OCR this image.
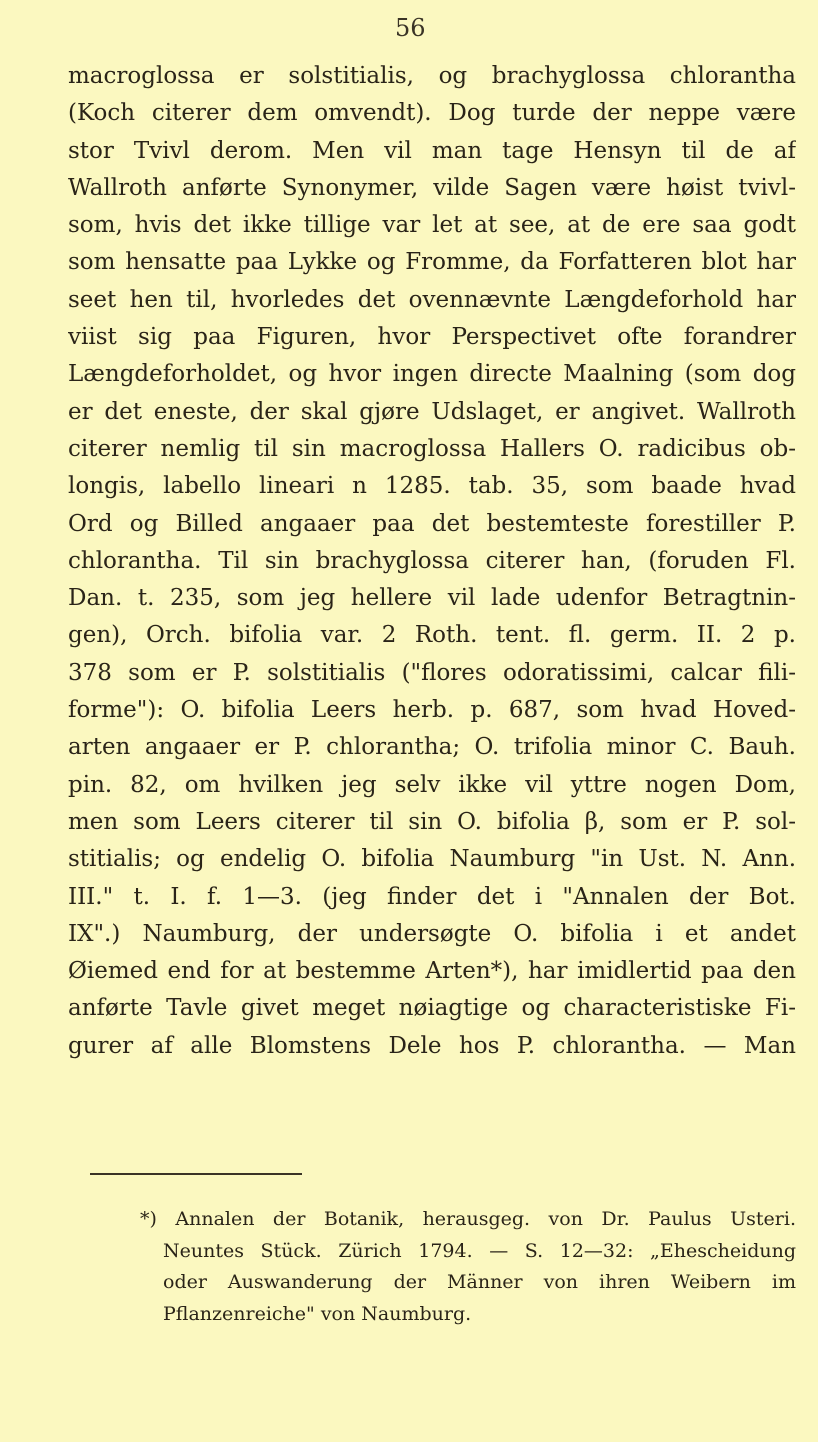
56
macroglossa er solstitialis, og brachyglossa chlorantha
(Koch citerer dem omvendt). Dog turde der neppe være
stor Tvivl derom. Men vil man tage Hensyn til de af
Wallroth anførte Synonymer, vilde Sagen være høist tvivl-
som, hvis det ikke tillige var let at see, at de ere saa godt
som hensatte paa Lykke og Fromme, da Forfatteren blot har
seet hen til, hvorledes det ovennævnte Længdeforhold har
viist sig paa Figuren, hvor Perspectivet ofte forandrer
Længdeforholdet, og hvor ingen directe Maalning (som dog
er det eneste, der skal gjøre Udslaget, er angivet. Wallroth
citerer nemlig til sin macroglossa Hallers O. radicibus ob-
longis, labello lineari n 1285. tab. 35, som baade hvad
Ord og Billed angaaer paa det bestemteste forestiller P.
chlorantha. Til sin brachyglossa citerer han, (foruden Fl.
Dan. t. 235, som jeg hellere vil lade udenfor Betragtnin-
gen), Orch. bifolia var. 2 Roth. tent. fl. germ. II. 2 p.
378 som er P. solstitialis ("flores odoratissimi, calcar fili-
forme"): O. bifolia Leers herb. p. 687, som hvad Hoved-
arten angaaer er P. chlorantha; O. trifolia minor C. Bauh.
pin. 82, om hvilken jeg selv ikke vil yttre nogen Dom,
men som Leers citerer til sin O. bifolia β, som er P. sol-
stitialis; og endelig O. bifolia Naumburg "in Ust. N. Ann.
III." t. I. f. 1—3. (jeg finder det i "Annalen der Bot.
IX".) Naumburg, der undersøgte O. bifolia i et andet
Øiemed end for at bestemme Arten*), har imidlertid paa den
anførte Tavle givet meget nøiagtige og characteristiske Fi-
gurer af alle Blomstens Dele hos P. chlorantha. — Man
*) Annalen der Botanik, herausgeg. von Dr. Paulus Usteri.
Neuntes Stück. Zürich 1794. — S. 12—32: „Ehescheidung
oder Auswanderung der Männer von ihren Weibern im
Pflanzenreiche" von Naumburg.
